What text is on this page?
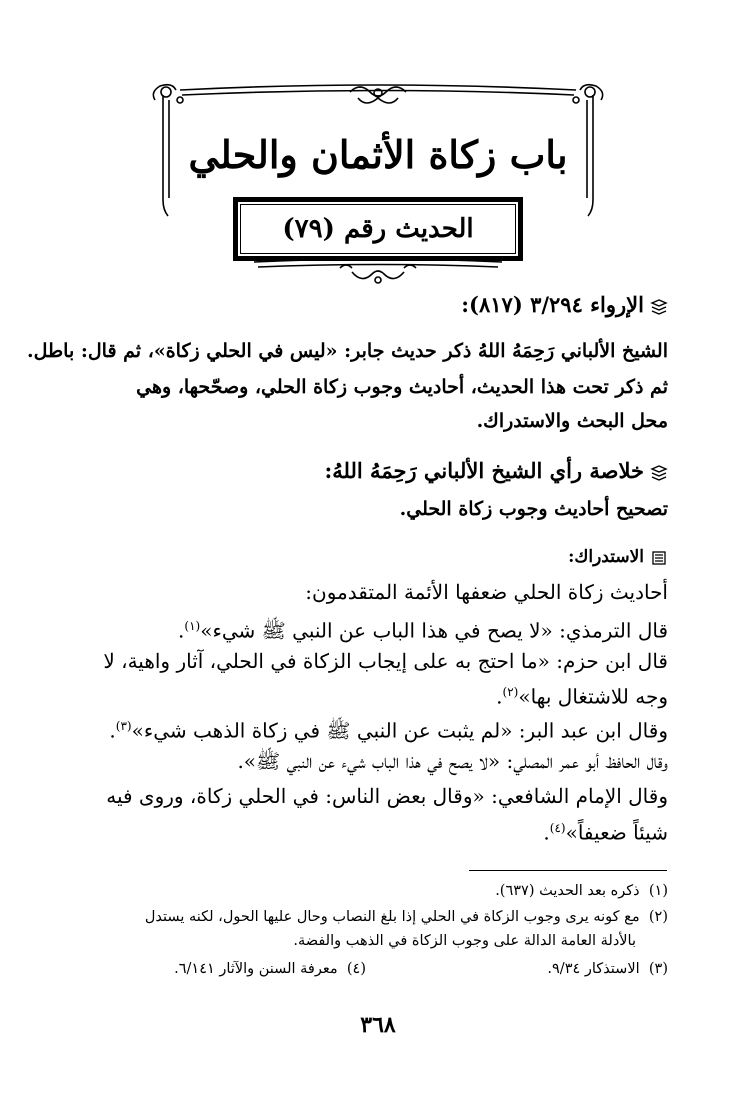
باب زكاة الأثمان والحلي
الحديث رقم (٧٩)
الإرواء ٣/٢٩٤ (٨١٧):
الشيخ الألباني رَحِمَهُ اللهُ ذكر حديث جابر: «ليس في الحلي زكاة»، ثم قال: باطل.
ثم ذكر تحت هذا الحديث، أحاديث وجوب زكاة الحلي، وصحّحها، وهي
محل البحث والاستدراك.
خلاصة رأي الشيخ الألباني رَحِمَهُ اللهُ:
تصحيح أحاديث وجوب زكاة الحلي.
الاستدراك:
أحاديث زكاة الحلي ضعفها الأئمة المتقدمون:
قال الترمذي: «لا يصح في هذا الباب عن النبي ﷺ شيء»$^{(١)}$.
قال ابن حزم: «ما احتج به على إيجاب الزكاة في الحلي، آثار واهية، لا
وجه للاشتغال بها»$^{(٢)}$.
وقال ابن عبد البر: «لم يثبت عن النبي ﷺ في زكاة الذهب شيء»$^{(٣)}$.
وقال الحافظ أبو عمر المصلي: «لا يصح في هذا الباب شيء عن النبي ﷺ».
وقال الإمام الشافعي: «وقال بعض الناس: في الحلي زكاة، وروى فيه
شيئاً ضعيفاً»$^{(٤)}$.
(١)  ذكره بعد الحديث (٦٣٧).
(٢)  مع كونه يرى وجوب الزكاة في الحلي إذا بلغ النصاب وحال عليها الحول، لكنه يستدل
بالأدلة العامة الدالة على وجوب الزكاة في الذهب والفضة.
(٣)  الاستذكار ٩/٣٤.
(٤)  معرفة السنن والآثار ٦/١٤١.
٣٦٨
